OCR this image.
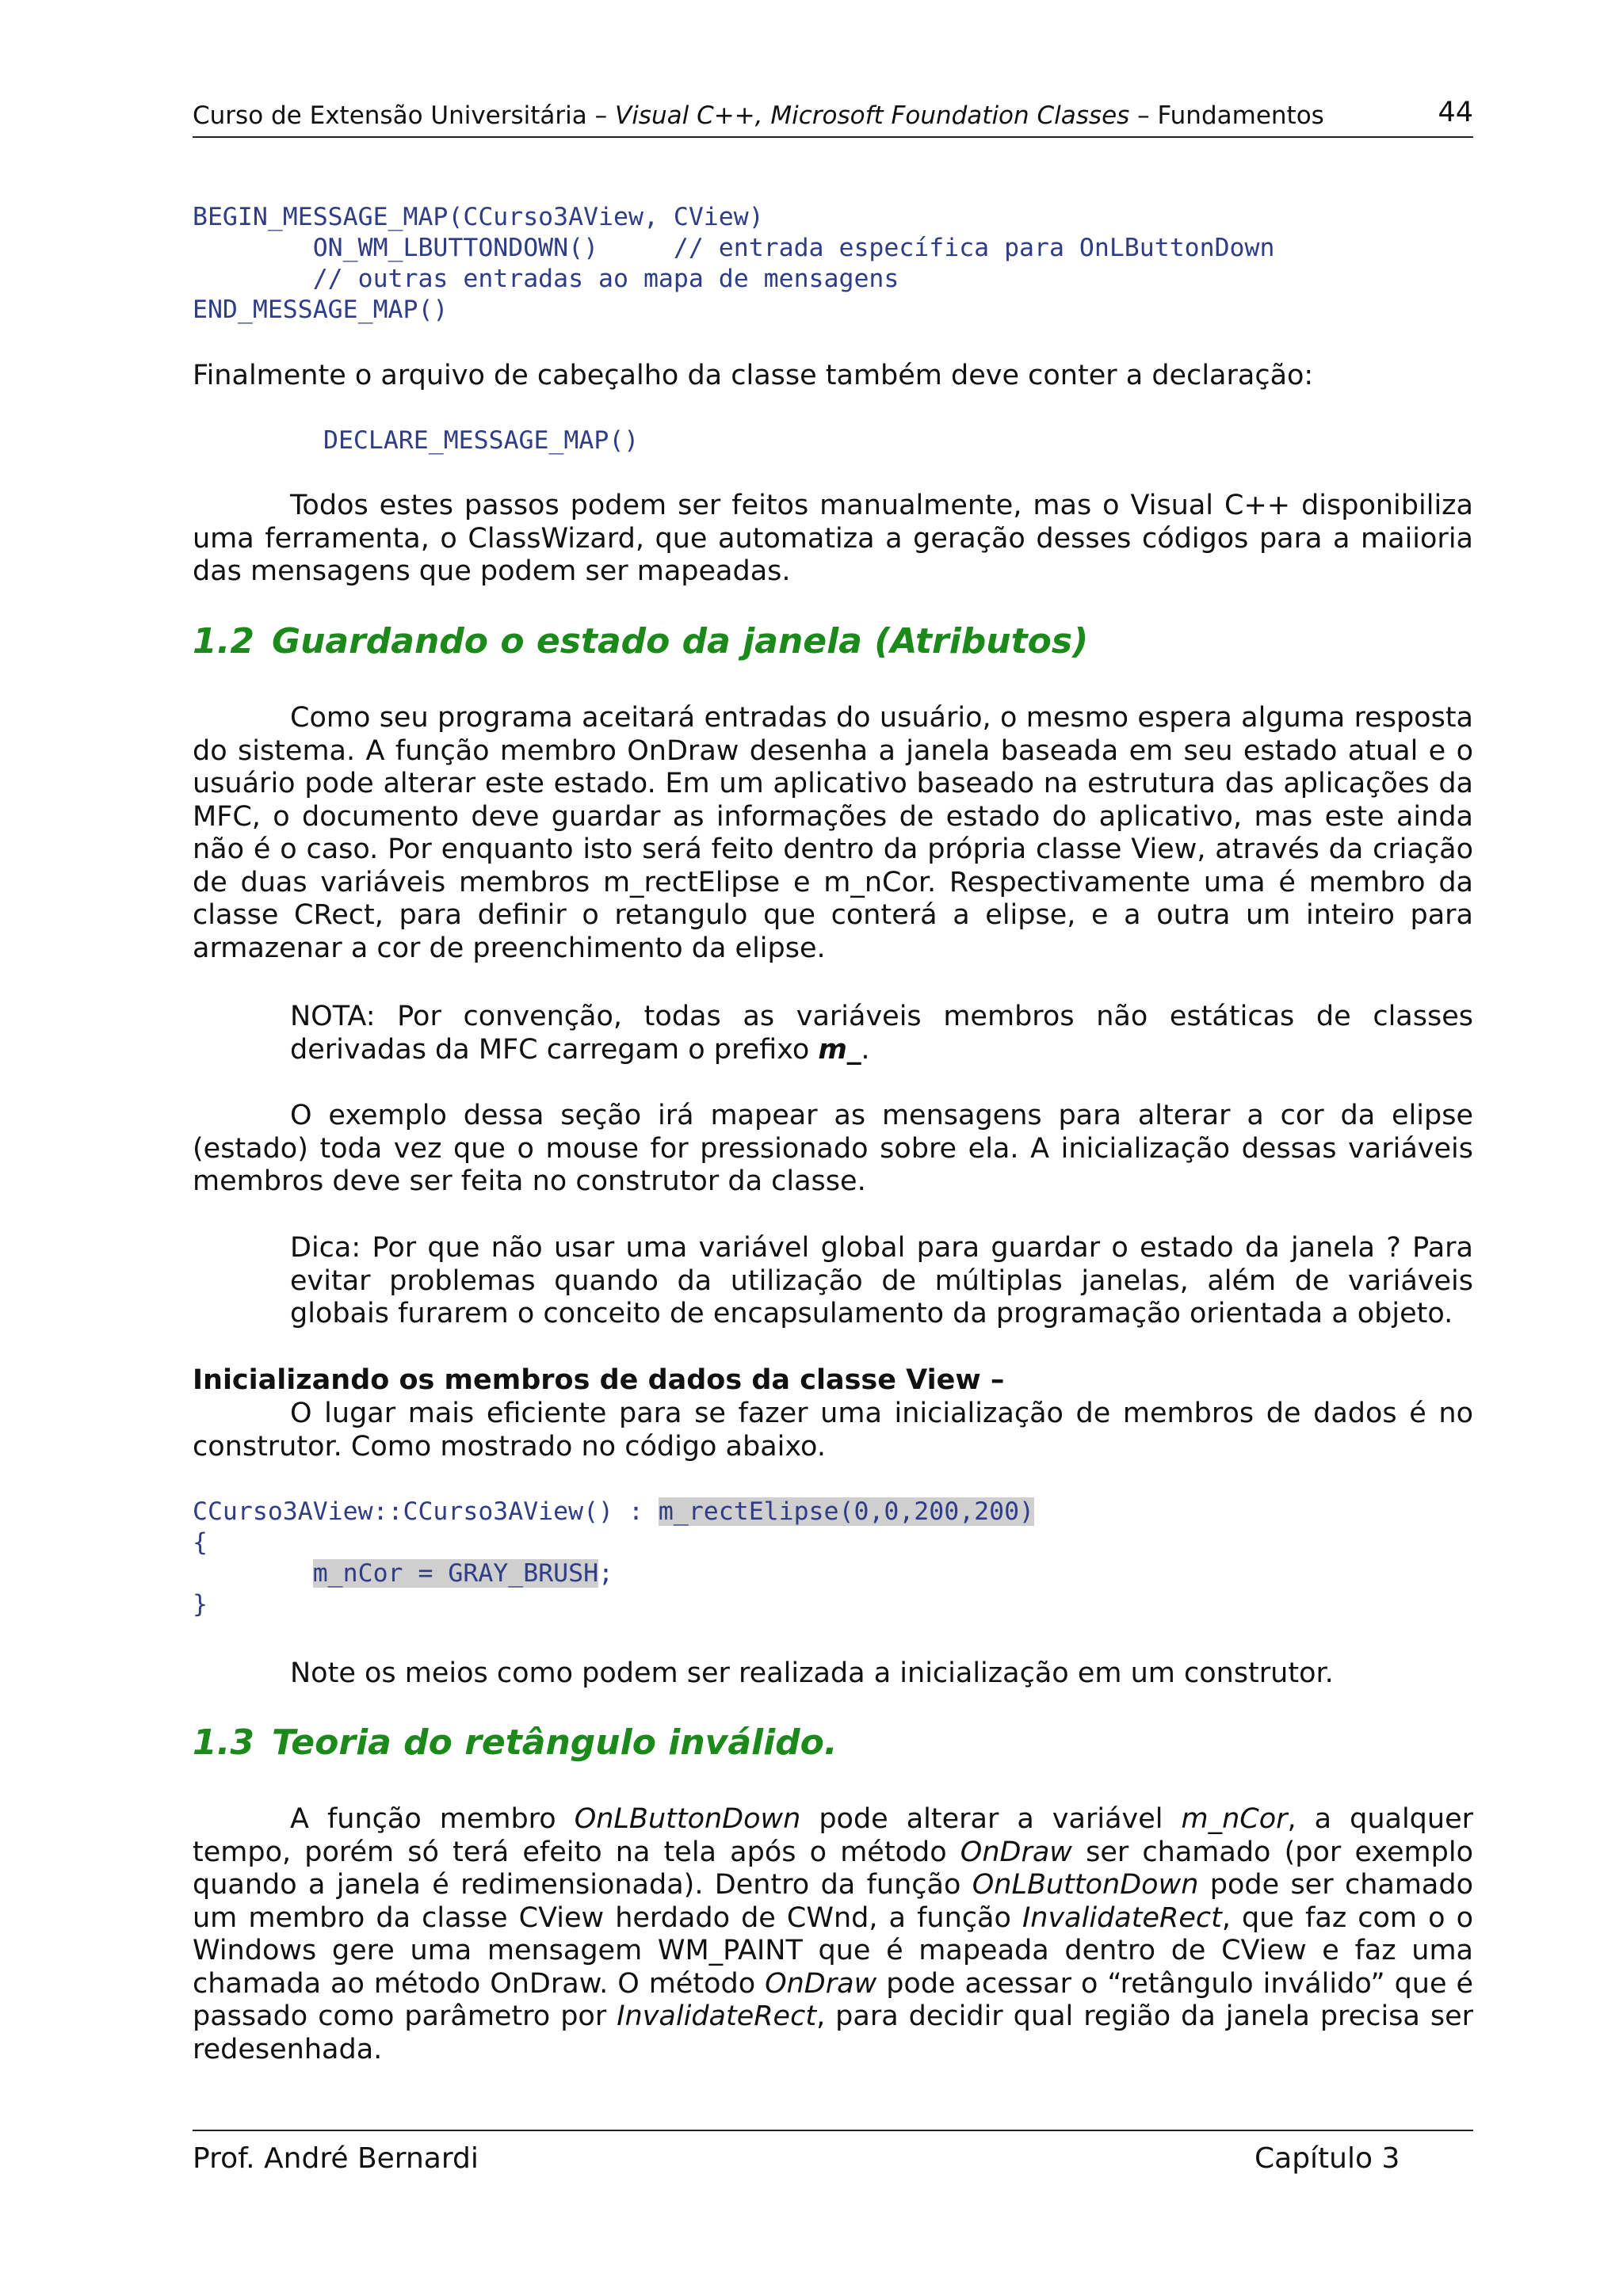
Curso de Extensão Universitária – Visual C++, Microsoft Foundation Classes – Fundamentos	44
BEGIN_MESSAGE_MAP(CCurso3AView, CView)
ON_WM_LBUTTONDOWN()     // entrada específica para OnLButtonDown
// outras entradas ao mapa de mensagens
END_MESSAGE_MAP()
Finalmente o arquivo de cabeçalho da classe também deve conter a declaração:
DECLARE_MESSAGE_MAP()
Todos estes passos podem ser feitos manualmente, mas o Visual C++ disponibiliza uma ferramenta, o ClassWizard, que automatiza a geração desses códigos para a maiioria das mensagens que podem ser mapeadas.
1.2 Guardando o estado da janela (Atributos)
Como seu programa aceitará entradas do usuário, o mesmo espera alguma resposta do sistema. A função membro OnDraw desenha a janela baseada em seu estado atual e o usuário pode alterar este estado. Em um aplicativo baseado na estrutura das aplicações da MFC, o documento deve guardar as informações de estado do aplicativo, mas este ainda não é o caso. Por enquanto isto será feito dentro da própria classe View, através da criação de duas variáveis membros m_rectElipse e m_nCor. Respectivamente uma é membro da classe CRect, para definir o retangulo que conterá a elipse, e a outra um inteiro para armazenar a cor de preenchimento da elipse.
NOTA: Por convenção, todas as variáveis membros não estáticas de classes derivadas da MFC carregam o prefixo m_.
O exemplo dessa seção irá mapear as mensagens para alterar a cor da elipse (estado) toda vez que o mouse for pressionado sobre ela. A inicialização dessas variáveis membros deve ser feita no construtor da classe.
Dica: Por que não usar uma variável global para guardar o estado da janela ? Para evitar problemas quando da utilização de múltiplas janelas, além de variáveis globais furarem o conceito de encapsulamento da programação orientada a objeto.
Inicializando os membros de dados da classe View –
O lugar mais eficiente para se fazer uma inicialização de membros de dados é no construtor. Como mostrado no código abaixo.
CCurso3AView::CCurso3AView() : m_rectElipse(0,0,200,200)
{
m_nCor = GRAY_BRUSH;
}
Note os meios como podem ser realizada a inicialização em um construtor.
1.3 Teoria do retângulo inválido.
A função membro OnLButtonDown pode alterar a variável m_nCor, a qualquer tempo, porém só terá efeito na tela após o método OnDraw ser chamado (por exemplo quando a janela é redimensionada). Dentro da função OnLButtonDown pode ser chamado um membro da classe CView herdado de CWnd, a função InvalidateRect, que faz com o o Windows gere uma mensagem WM_PAINT que é mapeada dentro de CView e faz uma chamada ao método OnDraw. O método OnDraw pode acessar o “retângulo inválido” que é passado como parâmetro por InvalidateRect, para decidir qual região da janela precisa ser redesenhada.
Prof. André Bernardi	Capítulo 3
